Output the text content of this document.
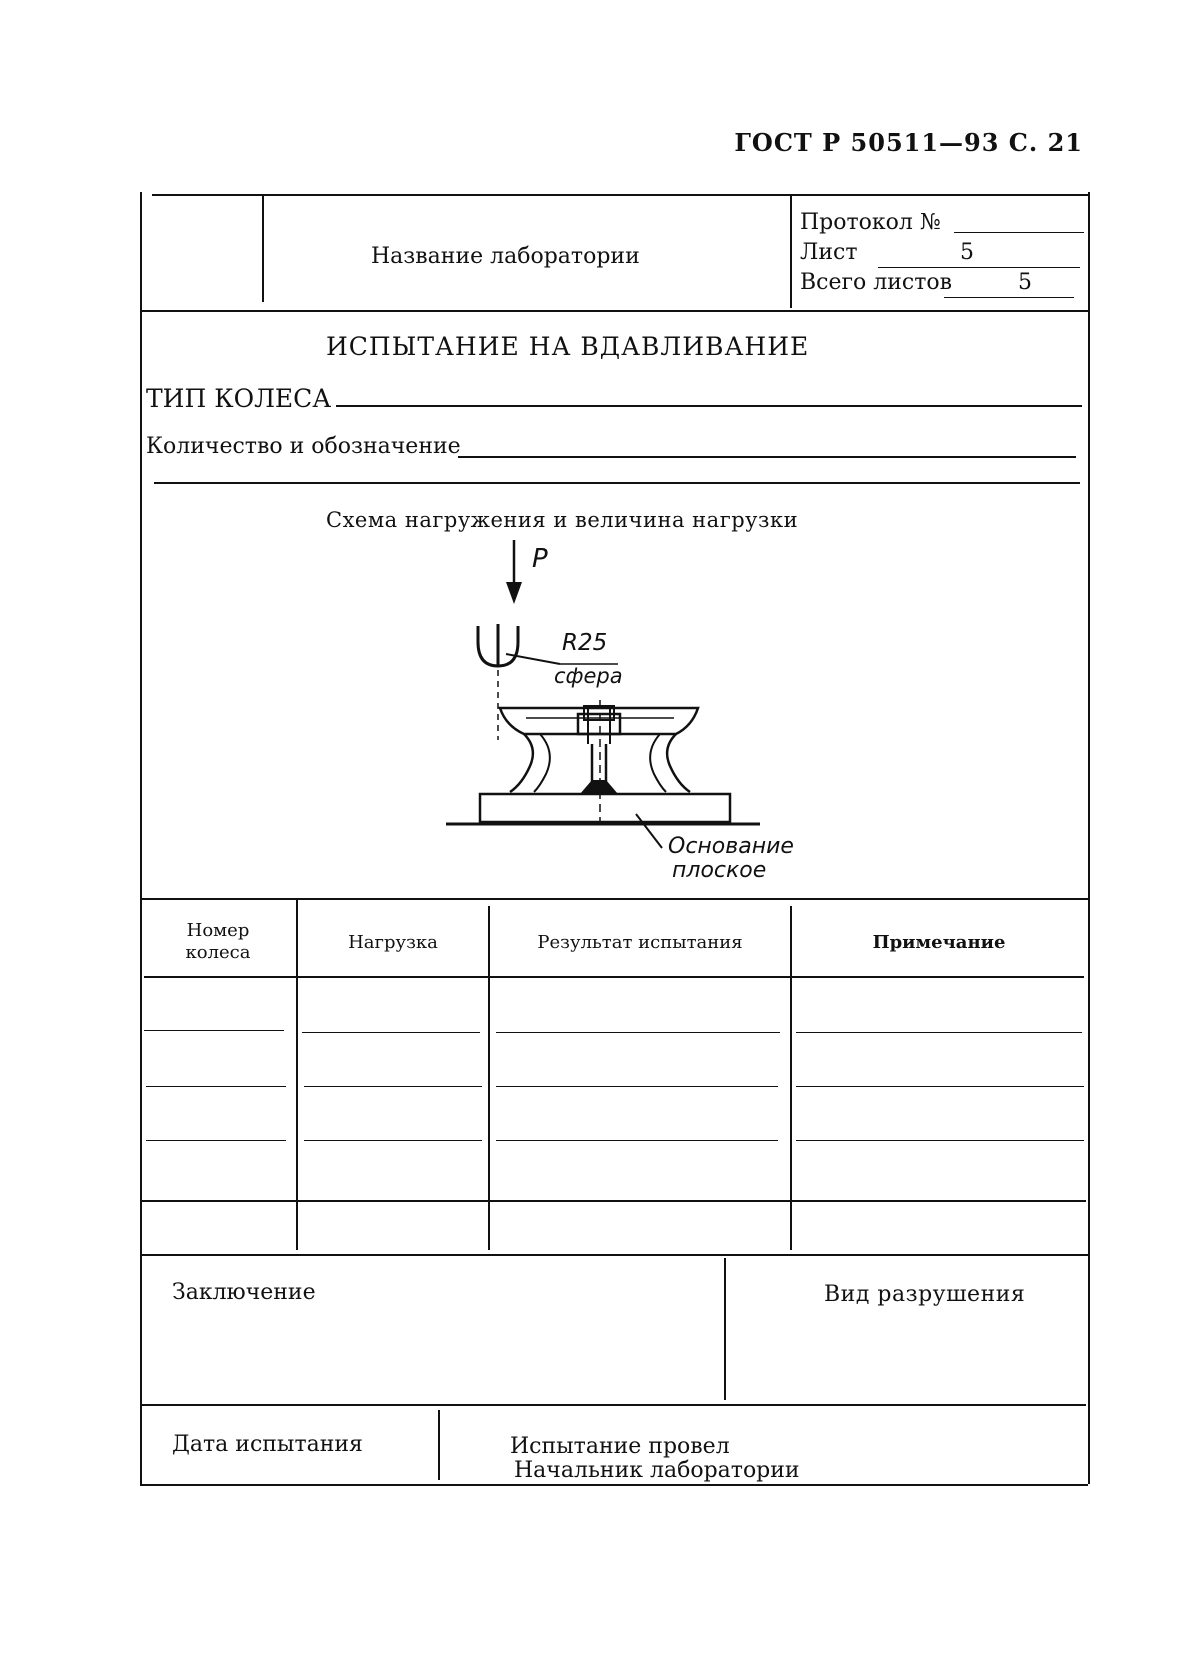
ГОСТ Р 50511—93 С. 21
Название лаборатории
Протокол №
Лист	5
Всего листов	5
ИСПЫТАНИЕ НА ВДАВЛИВАНИЕ
ТИП КОЛЕСА
Количество и обозначение
Схема нагружения и величина нагрузки
P
R25
сфера
Основание
плоское
Номер
колеса	Нагрузка	Результат испытания	Примечание
Заключение	Вид разрушения
Дата испытания	Испытание провел
Начальник лаборатории
